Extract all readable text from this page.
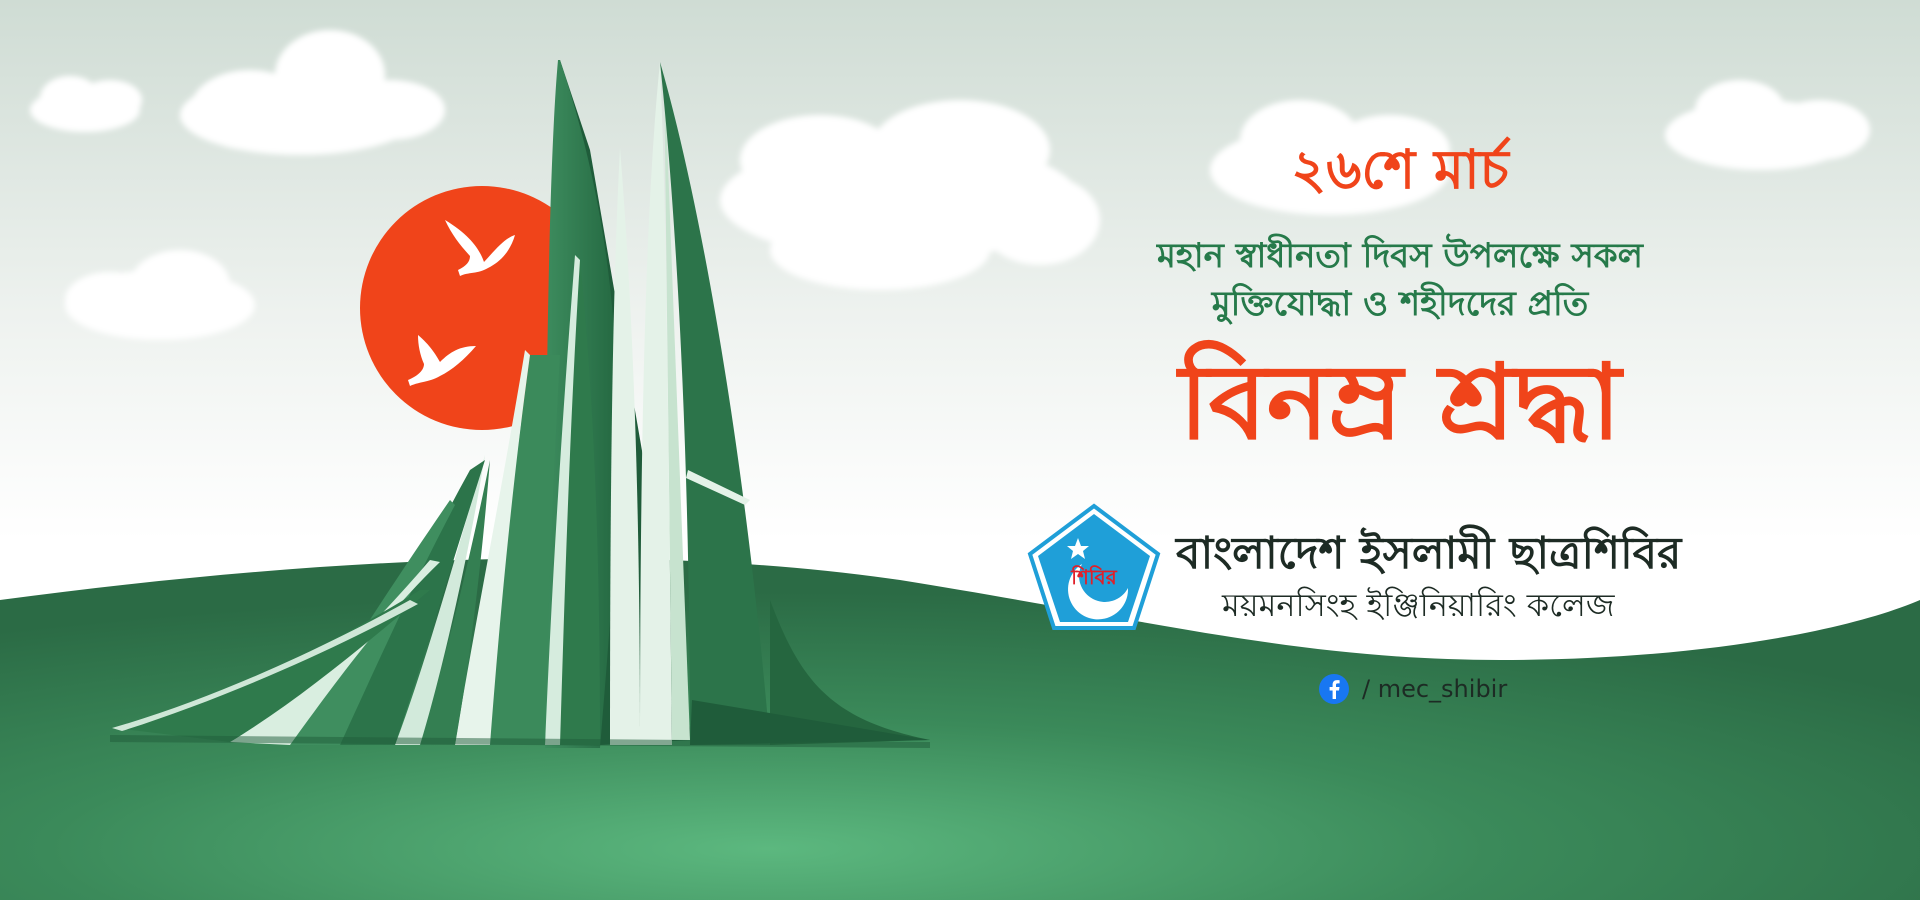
২৬শে মার্চ
মহান স্বাধীনতা দিবস উপলক্ষে সকল
মুক্তিযোদ্ধা ও শহীদদের প্রতি
বিনম্র শ্রদ্ধা
শিবির বাংলাদেশ ইসলামী ছাত্রশিবির
ময়মনসিংহ ইঞ্জিনিয়ারিং কলেজ
/ mec_shibir
